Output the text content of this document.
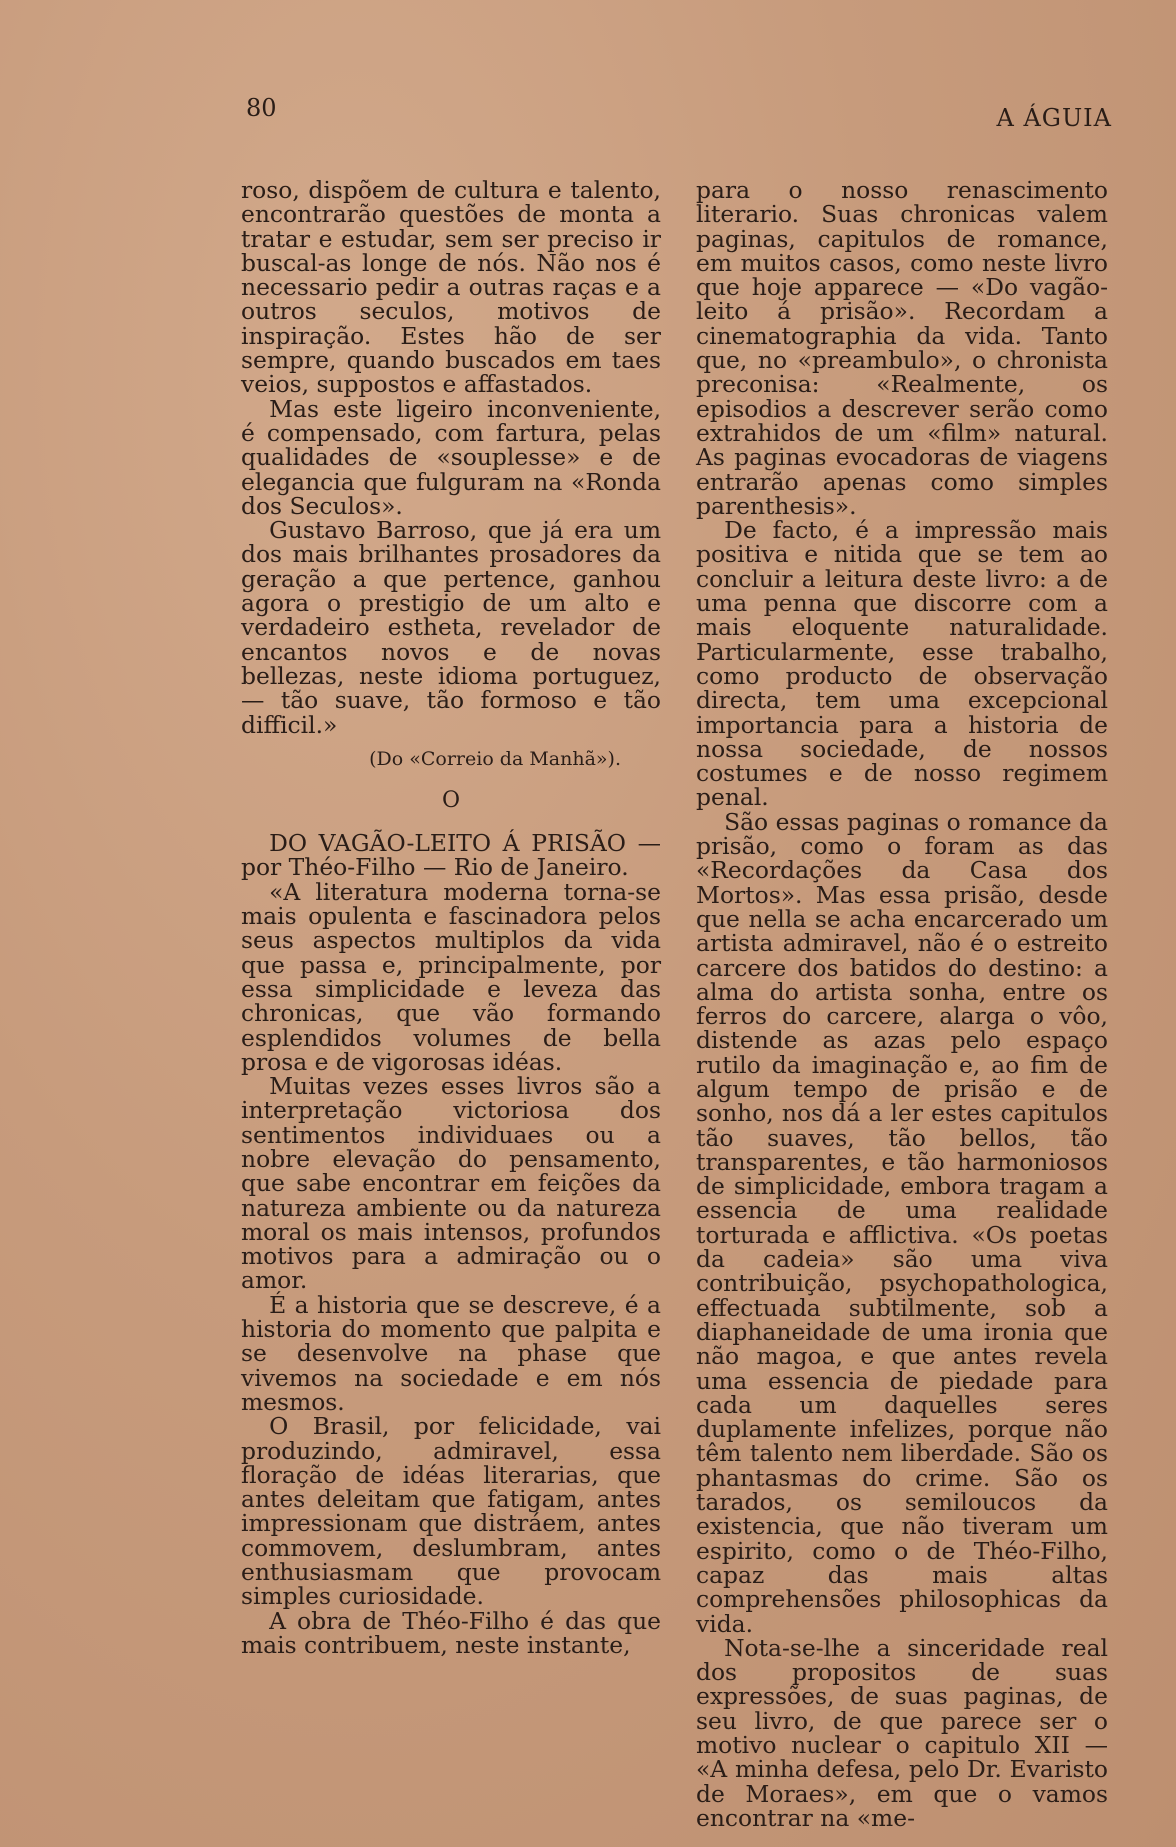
80	A ÁGUIA

roso, dispõem de cultura e talento, encontrarão questões de monta a tratar e estudar, sem ser preciso ir buscal-as longe de nós. Não nos é necessario pedir a outras raças e a outros seculos, motivos de inspiração. Estes hão de ser sempre, quando buscados em taes veios, suppostos e affastados.

Mas este ligeiro inconveniente, é compensado, com fartura, pelas qualidades de «souplesse» e de elegancia que fulguram na «Ronda dos Seculos».

Gustavo Barroso, que já era um dos mais brilhantes prosadores da geração a que pertence, ganhou agora o prestigio de um alto e verdadeiro estheta, revelador de encantos novos e de novas bellezas, neste idioma portuguez, — tão suave, tão formoso e tão difficil.»

(Do «Correio da Manhã»).
O

DO VAGÃO-LEITO Á PRISÃO — por Théo-Filho — Rio de Janeiro.

«A literatura moderna torna-se mais opulenta e fascinadora pelos seus aspectos multiplos da vida que passa e, principalmente, por essa simplicidade e leveza das chronicas, que vão formando esplendidos volumes de bella prosa e de vigorosas idéas.

Muitas vezes esses livros são a interpretação victoriosa dos sentimentos individuaes ou a nobre elevação do pensamento, que sabe encontrar em feições da natureza ambiente ou da natureza moral os mais intensos, profundos motivos para a admiração ou o amor.

É a historia que se descreve, é a historia do momento que palpita e se desenvolve na phase que vivemos na sociedade e em nós mesmos.

O Brasil, por felicidade, vai produzindo, admiravel, essa floração de idéas literarias, que antes deleitam que fatigam, antes impressionam que distráem, antes commovem, deslumbram, antes enthusiasmam que provocam simples curiosidade.

A obra de Théo-Filho é das que mais contribuem, neste instante,

para o nosso renascimento literario. Suas chronicas valem paginas, capitulos de romance, em muitos casos, como neste livro que hoje apparece — «Do vagão-leito á prisão». Recordam a cinematographia da vida. Tanto que, no «preambulo», o chronista preconisa: «Realmente, os episodios a descrever serão como extrahidos de um «film» natural. As paginas evocadoras de viagens entrarão apenas como simples parenthesis».

De facto, é a impressão mais positiva e nitida que se tem ao concluir a leitura deste livro: a de uma penna que discorre com a mais eloquente naturalidade. Particularmente, esse trabalho, como producto de observação directa, tem uma excepcional importancia para a historia de nossa sociedade, de nossos costumes e de nosso regimem penal.

São essas paginas o romance da prisão, como o foram as das «Recordações da Casa dos Mortos». Mas essa prisão, desde que nella se acha encarcerado um artista admiravel, não é o estreito carcere dos batidos do destino: a alma do artista sonha, entre os ferros do carcere, alarga o vôo, distende as azas pelo espaço rutilo da imaginação e, ao fim de algum tempo de prisão e de sonho, nos dá a ler estes capitulos tão suaves, tão bellos, tão transparentes, e tão harmoniosos de simplicidade, embora tragam a essencia de uma realidade torturada e afflictiva. «Os poetas da cadeia» são uma viva contribuição, psychopathologica, effectuada subtilmente, sob a diaphaneidade de uma ironia que não magoa, e que antes revela uma essencia de piedade para cada um daquelles seres duplamente infelizes, porque não têm talento nem liberdade. São os phantasmas do crime. São os tarados, os semiloucos da existencia, que não tiveram um espirito, como o de Théo-Filho, capaz das mais altas comprehensões philosophicas da vida.

Nota-se-lhe a sinceridade real dos propositos de suas expressões, de suas paginas, de seu livro, de que parece ser o motivo nuclear o capitulo XII — «A minha defesa, pelo Dr. Evaristo de Moraes», em que o vamos encontrar na «me-
